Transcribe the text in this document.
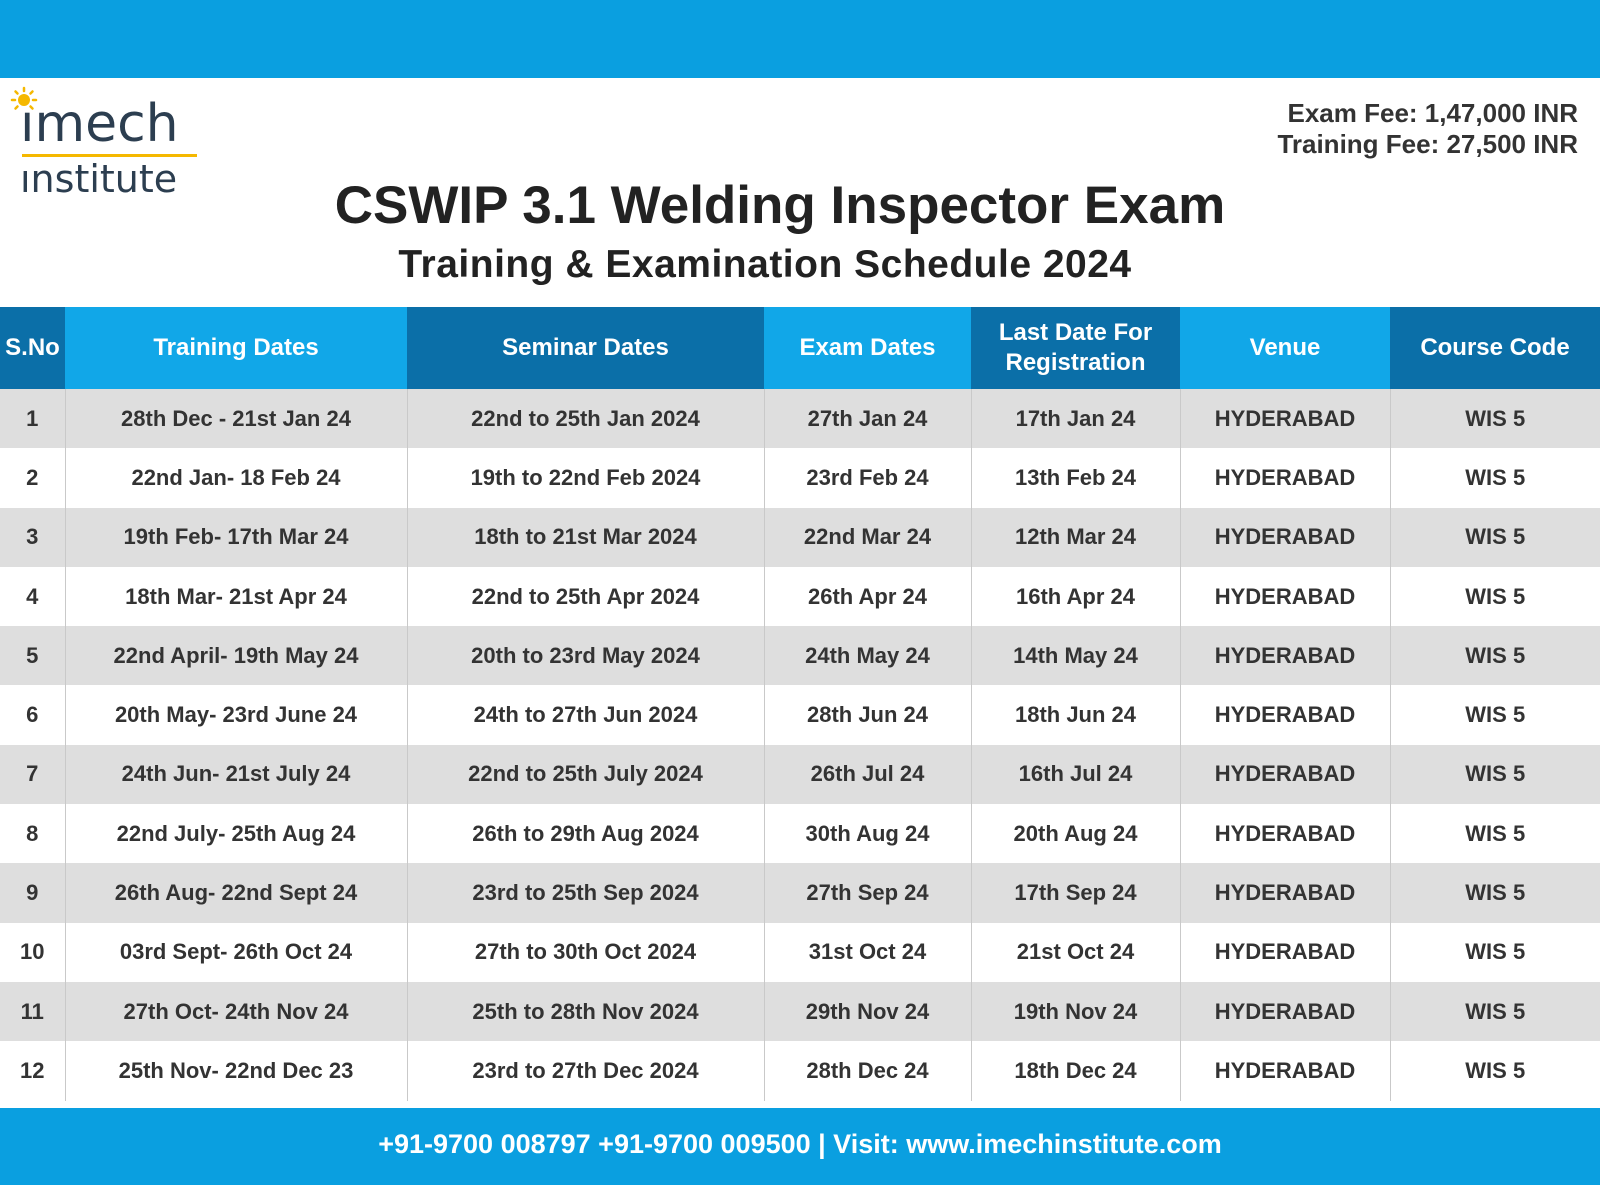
ımech
ınstitute
Exam Fee: 1,47,000 INR
Training Fee: 27,500 INR
CSWIP 3.1 Welding Inspector Exam
Training & Examination Schedule 2024
S.No	Training Dates	Seminar Dates	Exam Dates	Last Date For Registration	Venue	Course Code
1	28th Dec - 21st Jan 24	22nd to 25th Jan 2024	27th Jan 24	17th Jan 24	HYDERABAD	WIS 5
2	22nd Jan- 18 Feb 24	19th to 22nd Feb 2024	23rd Feb 24	13th Feb 24	HYDERABAD	WIS 5
3	19th Feb- 17th Mar 24	18th to 21st Mar 2024	22nd Mar 24	12th Mar 24	HYDERABAD	WIS 5
4	18th Mar- 21st Apr 24	22nd to 25th Apr 2024	26th Apr 24	16th Apr 24	HYDERABAD	WIS 5
5	22nd April- 19th May 24	20th to 23rd May 2024	24th May 24	14th May 24	HYDERABAD	WIS 5
6	20th May- 23rd June 24	24th to 27th Jun 2024	28th Jun 24	18th Jun 24	HYDERABAD	WIS 5
7	24th Jun- 21st July 24	22nd to 25th July 2024	26th Jul 24	16th Jul 24	HYDERABAD	WIS 5
8	22nd July- 25th Aug 24	26th to 29th Aug 2024	30th Aug 24	20th Aug 24	HYDERABAD	WIS 5
9	26th Aug- 22nd Sept 24	23rd to 25th Sep 2024	27th Sep 24	17th Sep 24	HYDERABAD	WIS 5
10	03rd Sept- 26th Oct 24	27th to 30th Oct 2024	31st Oct 24	21st Oct 24	HYDERABAD	WIS 5
11	27th Oct- 24th Nov 24	25th to 28th Nov 2024	29th Nov 24	19th Nov 24	HYDERABAD	WIS 5
12	25th Nov- 22nd Dec 23	23rd to 27th Dec 2024	28th Dec 24	18th Dec 24	HYDERABAD	WIS 5
+91-9700 008797 +91-9700 009500 | Visit: www.imechinstitute.com
